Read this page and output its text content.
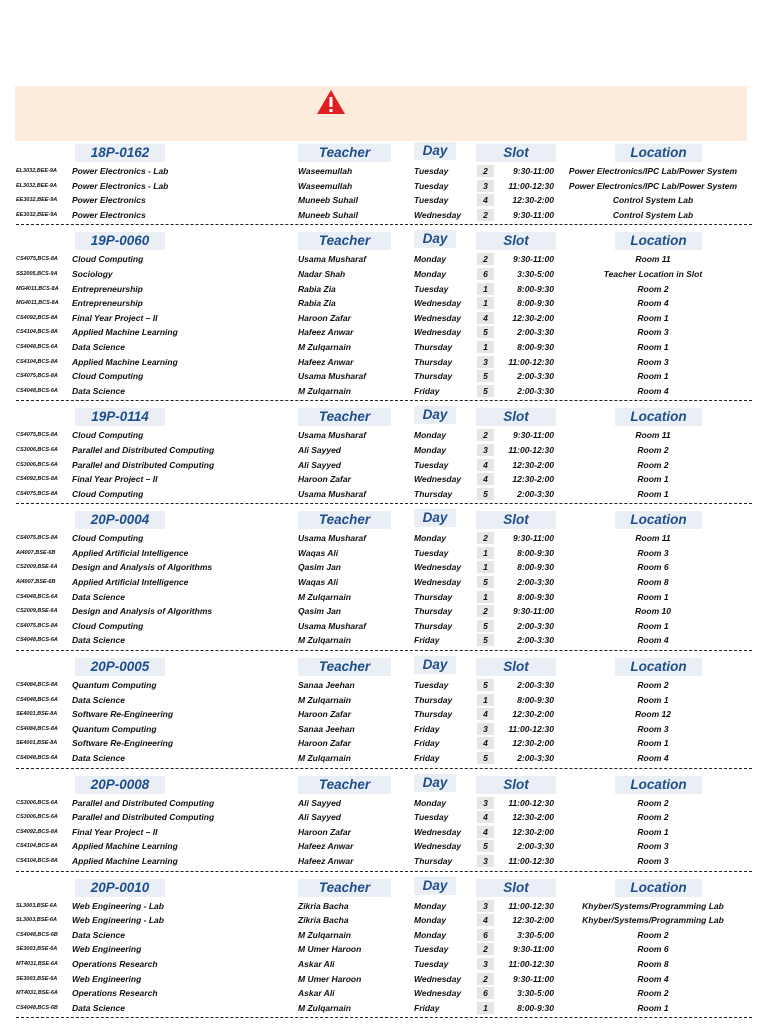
18P-0162	Teacher	Day	Slot	Location
EL3032,BEE-9A Power Electronics - Lab	Waseemullah	Tuesday	2	9:30-11:00	Power Electronics/IPC Lab/Power System
EL3032,BEE-9A Power Electronics - Lab	Waseemullah	Tuesday	3	11:00-12:30	Power Electronics/IPC Lab/Power System
EE3032,BEE-9A Power Electronics	Muneeb Suhail	Tuesday	4	12:30-2:00	Control System Lab
EE3032,BEE-9A Power Electronics	Muneeb Suhail	Wednesday	2	9:30-11:00	Control System Lab
19P-0060	Teacher	Day	Slot	Location
CS4075,BCS-8A Cloud Computing	Usama Musharaf	Monday	2	9:30-11:00	Room 11
SS2005,BCS-9A Sociology	Nadar Shah	Monday	6	3:30-5:00	Teacher Location in Slot
MG4011,BCS-8A Entrepreneurship	Rabia Zia	Tuesday	1	8:00-9:30	Room 2
MG4011,BCS-8A Entrepreneurship	Rabia Zia	Wednesday	1	8:00-9:30	Room 4
CS4092,BCS-8A Final Year Project – II	Haroon Zafar	Wednesday	4	12:30-2:00	Room 1
CS4104,BCS-8A Applied Machine Learning	Hafeez Anwar	Wednesday	5	2:00-3:30	Room 3
CS4048,BCS-6A Data Science	M Zulqarnain	Thursday	1	8:00-9:30	Room 1
CS4104,BCS-8A Applied Machine Learning	Hafeez Anwar	Thursday	3	11:00-12:30	Room 3
CS4075,BCS-8A Cloud Computing	Usama Musharaf	Thursday	5	2:00-3:30	Room 1
CS4048,BCS-6A Data Science	M Zulqarnain	Friday	5	2:00-3:30	Room 4
19P-0114	Teacher	Day	Slot	Location
CS4075,BCS-8A Cloud Computing	Usama Musharaf	Monday	2	9:30-11:00	Room 11
CS3006,BCS-6A Parallel and Distributed Computing	Ali Sayyed	Monday	3	11:00-12:30	Room 2
CS3006,BCS-6A Parallel and Distributed Computing	Ali Sayyed	Tuesday	4	12:30-2:00	Room 2
CS4092,BCS-8A Final Year Project – II	Haroon Zafar	Wednesday	4	12:30-2:00	Room 1
CS4075,BCS-8A Cloud Computing	Usama Musharaf	Thursday	5	2:00-3:30	Room 1
20P-0004	Teacher	Day	Slot	Location
CS4075,BCS-8A Cloud Computing	Usama Musharaf	Monday	2	9:30-11:00	Room 11
AI4007,BSE-6B Applied Artificial Intelligence	Waqas Ali	Tuesday	1	8:00-9:30	Room 3
CS2009,BSE-6A Design and Analysis of Algorithms	Qasim Jan	Wednesday	1	8:00-9:30	Room 6
AI4007,BSE-6B Applied Artificial Intelligence	Waqas Ali	Wednesday	5	2:00-3:30	Room 8
CS4048,BCS-6A Data Science	M Zulqarnain	Thursday	1	8:00-9:30	Room 1
CS2009,BSE-6A Design and Analysis of Algorithms	Qasim Jan	Thursday	2	9:30-11:00	Room 10
CS4075,BCS-8A Cloud Computing	Usama Musharaf	Thursday	5	2:00-3:30	Room 1
CS4048,BCS-6A Data Science	M Zulqarnain	Friday	5	2:00-3:30	Room 4
20P-0005	Teacher	Day	Slot	Location
CS4084,BCS-8A Quantum Computing	Sanaa Jeehan	Tuesday	5	2:00-3:30	Room 2
CS4048,BCS-6A Data Science	M Zulqarnain	Thursday	1	8:00-9:30	Room 1
SE4001,BSE-8A Software Re-Engineering	Haroon Zafar	Thursday	4	12:30-2:00	Room 12
CS4084,BCS-8A Quantum Computing	Sanaa Jeehan	Friday	3	11:00-12:30	Room 3
SE4001,BSE-8A Software Re-Engineering	Haroon Zafar	Friday	4	12:30-2:00	Room 1
CS4048,BCS-6A Data Science	M Zulqarnain	Friday	5	2:00-3:30	Room 4
20P-0008	Teacher	Day	Slot	Location
CS3006,BCS-6A Parallel and Distributed Computing	Ali Sayyed	Monday	3	11:00-12:30	Room 2
CS3006,BCS-6A Parallel and Distributed Computing	Ali Sayyed	Tuesday	4	12:30-2:00	Room 2
CS4092,BCS-8A Final Year Project – II	Haroon Zafar	Wednesday	4	12:30-2:00	Room 1
CS4104,BCS-8A Applied Machine Learning	Hafeez Anwar	Wednesday	5	2:00-3:30	Room 3
CS4104,BCS-8A Applied Machine Learning	Hafeez Anwar	Thursday	3	11:00-12:30	Room 3
20P-0010	Teacher	Day	Slot	Location
SL3003,BSE-6A Web Engineering - Lab	Zikria Bacha	Monday	3	11:00-12:30	Khyber/Systems/Programming Lab
SL3003,BSE-6A Web Engineering - Lab	Zikria Bacha	Monday	4	12:30-2:00	Khyber/Systems/Programming Lab
CS4048,BCS-6B Data Science	M Zulqarnain	Monday	6	3:30-5:00	Room 2
SE3003,BSE-6A Web Engineering	M Umer Haroon	Tuesday	2	9:30-11:00	Room 6
MT4031,BSE-6A Operations Research	Askar Ali	Tuesday	3	11:00-12:30	Room 8
SE3003,BSE-6A Web Engineering	M Umer Haroon	Wednesday	2	9:30-11:00	Room 4
MT4031,BSE-6A Operations Research	Askar Ali	Wednesday	6	3:30-5:00	Room 2
CS4048,BCS-6B Data Science	M Zulqarnain	Friday	1	8:00-9:30	Room 1
